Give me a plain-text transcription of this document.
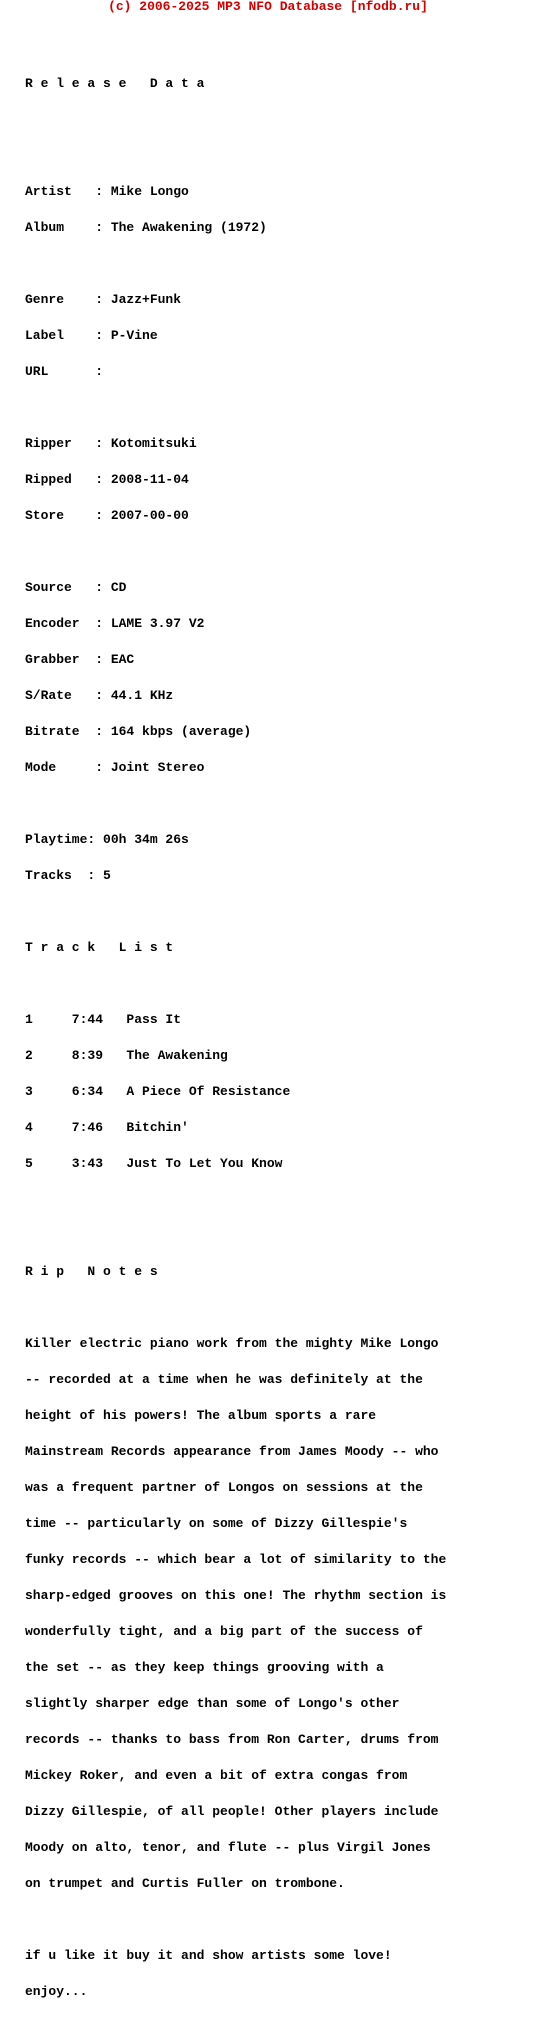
(c) 2006-2025 MP3 NFO Database [nfodb.ru]

R e l e a s e   D a t a

Artist   : Mike Longo

Album    : The Awakening (1972)

Genre    : Jazz+Funk

Label    : P-Vine

URL      :

Ripper   : Kotomitsuki

Ripped   : 2008-11-04

Store    : 2007-00-00

Source   : CD

Encoder  : LAME 3.97 V2

Grabber  : EAC

S/Rate   : 44.1 KHz

Bitrate  : 164 kbps (average)

Mode     : Joint Stereo

Playtime: 00h 34m 26s

Tracks  : 5

T r a c k   L i s t

1     7:44   Pass It

2     8:39   The Awakening

3     6:34   A Piece Of Resistance

4     7:46   Bitchin'

5     3:43   Just To Let You Know

R i p   N o t e s

Killer electric piano work from the mighty Mike Longo

-- recorded at a time when he was definitely at the

height of his powers! The album sports a rare

Mainstream Records appearance from James Moody -- who

was a frequent partner of Longos on sessions at the

time -- particularly on some of Dizzy Gillespie's

funky records -- which bear a lot of similarity to the

sharp-edged grooves on this one! The rhythm section is

wonderfully tight, and a big part of the success of

the set -- as they keep things grooving with a

slightly sharper edge than some of Longo's other

records -- thanks to bass from Ron Carter, drums from

Mickey Roker, and even a bit of extra congas from

Dizzy Gillespie, of all people! Other players include

Moody on alto, tenor, and flute -- plus Virgil Jones

on trumpet and Curtis Fuller on trombone.

if u like it buy it and show artists some love!

enjoy...
